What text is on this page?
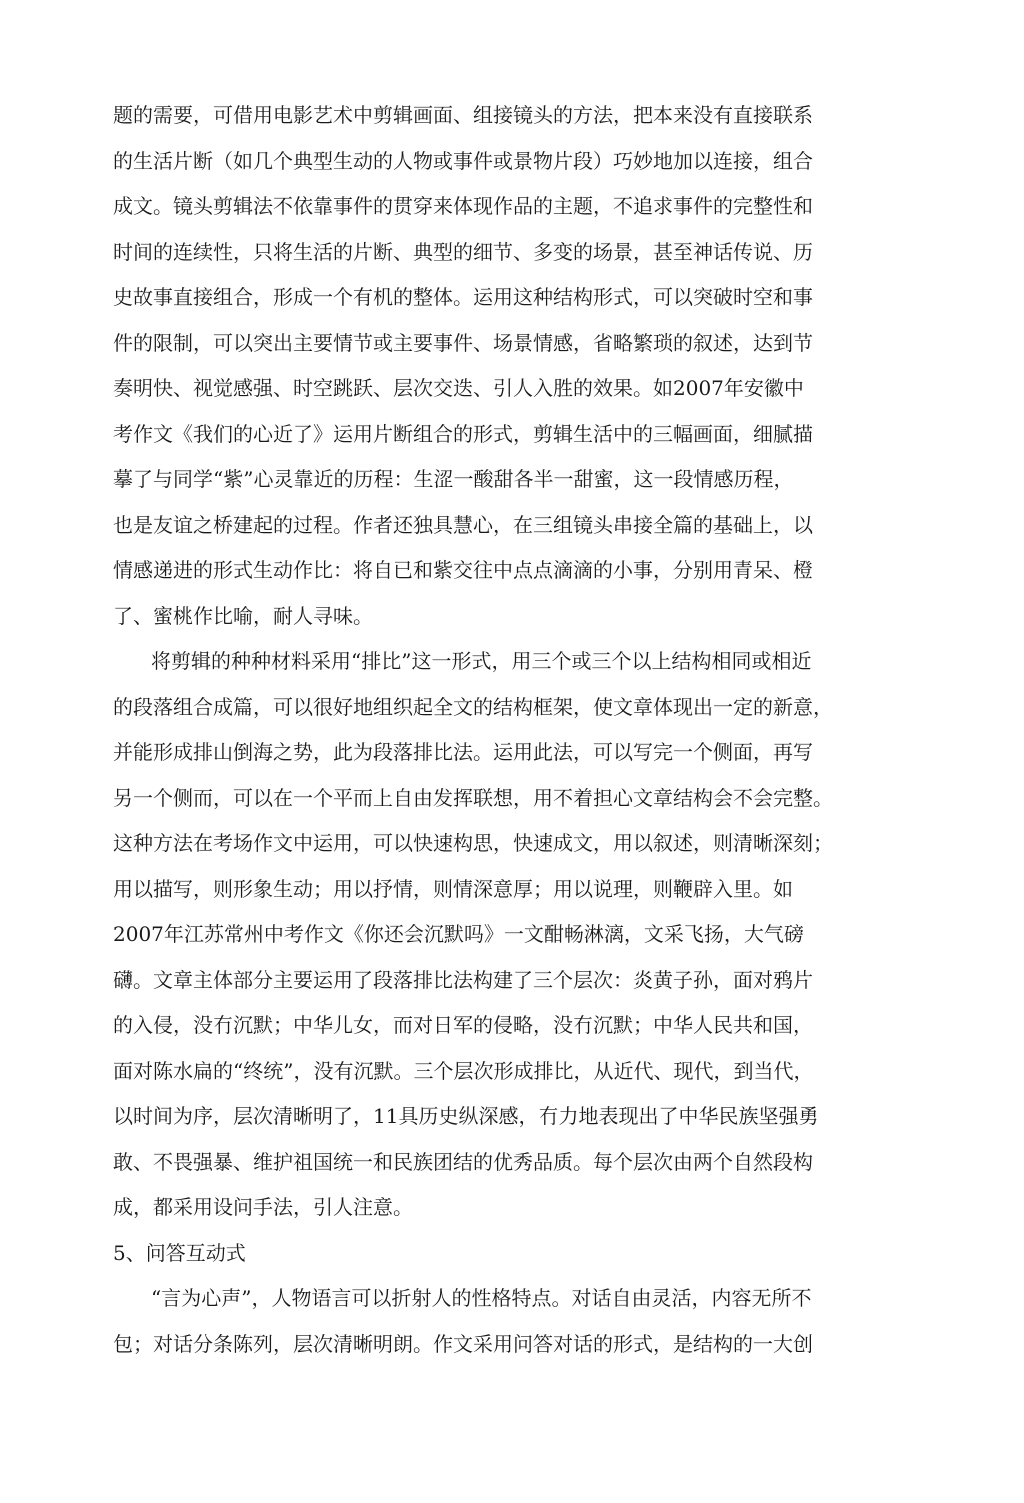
题的需要，可借用电影艺术中剪辑画面、组接镜头的方法，把本来没有直接联系
的生活片断（如几个典型生动的人物或事件或景物片段）巧妙地加以连接，组合
成文。镜头剪辑法不依靠事件的贯穿来体现作品的主题，不追求事件的完整性和
时间的连续性，只将生活的片断、典型的细节、多变的场景，甚至神话传说、历
史故事直接组合，形成一个有机的整体。运用这种结构形式，可以突破时空和事
件的限制，可以突出主要情节或主要事件、场景情感，省略繁琐的叙述，达到节
奏明快、视觉感强、时空跳跃、层次交迭、引人入胜的效果。如2007年安徽中
考作文《我们的心近了》运用片断组合的形式，剪辑生活中的三幅画面，细腻描
摹了与同学“紫”心灵靠近的历程：生涩一酸甜各半一甜蜜，这一段情感历程，
也是友谊之桥建起的过程。作者还独具慧心，在三组镜头串接全篇的基础上，以
情感递进的形式生动作比：将自已和紫交往中点点滴滴的小事，分别用青呆、橙
了、蜜桃作比喻，耐人寻味。
将剪辑的种种材料采用“排比”这一形式，用三个或三个以上结构相同或相近
的段落组合成篇，可以很好地组织起全文的结构框架，使文章体现出一定的新意，
并能形成排山倒海之势，此为段落排比法。运用此法，可以写完一个侧面，再写
另一个侧而，可以在一个平而上自由发挥联想，用不着担心文章结构会不会完整。
这种方法在考场作文中运用，可以快速构思，快速成文，用以叙述，则清晰深刻；
用以描写，则形象生动；用以抒情，则情深意厚；用以说理，则鞭辟入里。如
2007年江苏常州中考作文《你还会沉默吗》一文酣畅淋漓，文采飞扬，大气磅
礴。文章主体部分主要运用了段落排比法构建了三个层次：炎黄子孙，面对鸦片
的入侵，没冇沉默；中华儿女，而对日军的侵略，没冇沉默；中华人民共和国，
面对陈水扁的“终统”，没有沉默。三个层次形成排比，从近代、现代，到当代，
以时间为序，层次清晰明了，11具历史纵深感，冇力地表现出了中华民族坚强勇
敢、不畏强暴、维护祖国统一和民族团结的优秀品质。每个层次由两个自然段构
成，都采用设问手法，引人注意。
5、问答互动式
“言为心声”，人物语言可以折射人的性格特点。对话自由灵活，内容无所不
包；对话分条陈列，层次清晰明朗。作文采用问答对话的形式，是结构的一大创
